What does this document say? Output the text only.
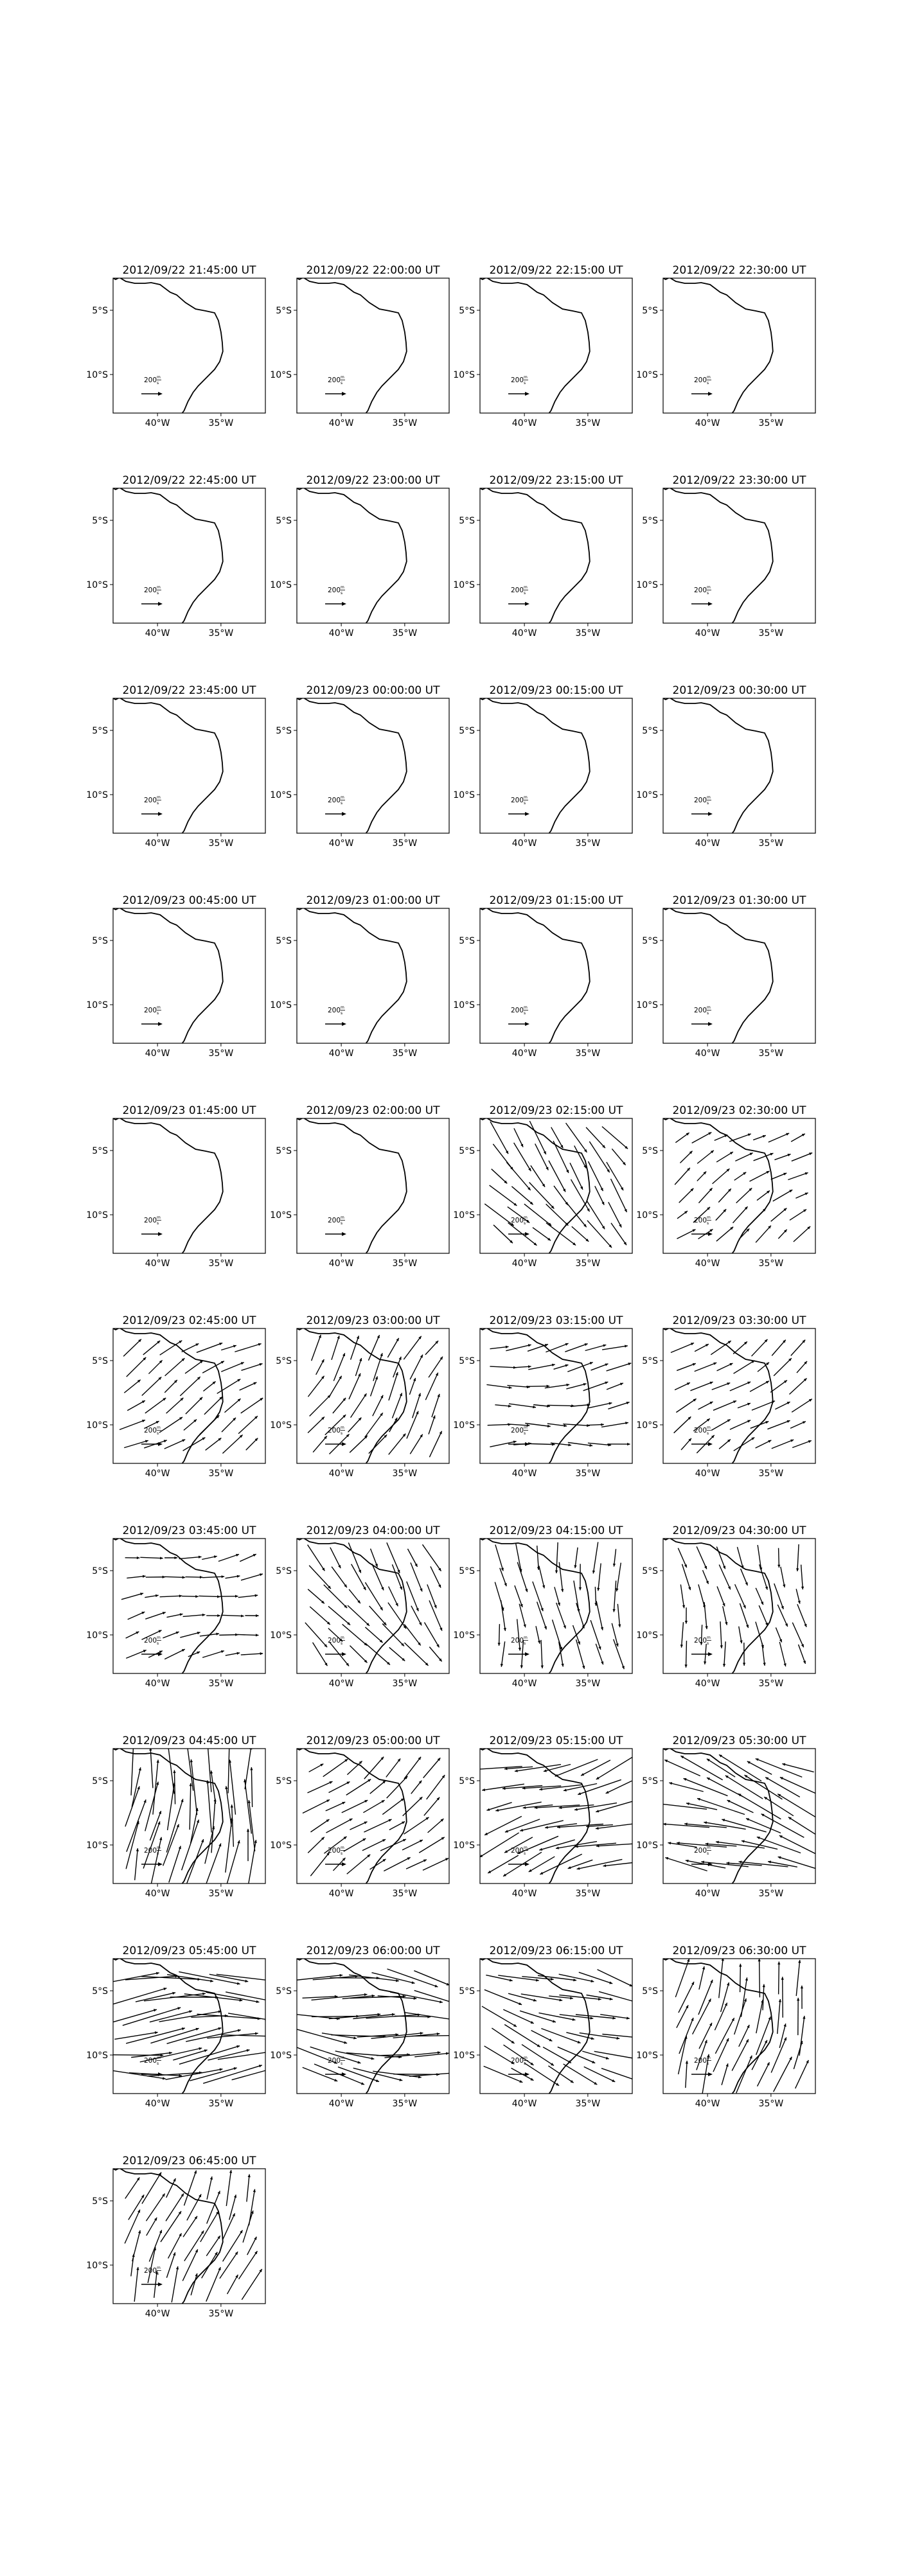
2012/09/22 21:45:00 UT
200 m
s
40°W	35°W
5°S
10°S
2012/09/22 22:00:00 UT
200 m
s
40°W	35°W
5°S
10°S
2012/09/22 22:15:00 UT
200 m
s
40°W	35°W
5°S
10°S
2012/09/22 22:30:00 UT
200 m
s
40°W	35°W
5°S
10°S
2012/09/22 22:45:00 UT
200 m
s
40°W	35°W
5°S
10°S
2012/09/22 23:00:00 UT
200 m
s
40°W	35°W
5°S
10°S
2012/09/22 23:15:00 UT
200 m
s
40°W	35°W
5°S
10°S
2012/09/22 23:30:00 UT
200 m
s
40°W	35°W
5°S
10°S
2012/09/22 23:45:00 UT
200 m
s
40°W	35°W
5°S
10°S
2012/09/23 00:00:00 UT
200 m
s
40°W	35°W
5°S
10°S
2012/09/23 00:15:00 UT
200 m
s
40°W	35°W
5°S
10°S
2012/09/23 00:30:00 UT
200 m
s
40°W	35°W
5°S
10°S
2012/09/23 00:45:00 UT
200 m
s
40°W	35°W
5°S
10°S
2012/09/23 01:00:00 UT
200 m
s
40°W	35°W
5°S
10°S
2012/09/23 01:15:00 UT
200 m
s
40°W	35°W
5°S
10°S
2012/09/23 01:30:00 UT
200 m
s
40°W	35°W
5°S
10°S
2012/09/23 01:45:00 UT
200 m
s
40°W	35°W
5°S
10°S
2012/09/23 02:00:00 UT
200 m
s
40°W	35°W
5°S
10°S
2012/09/23 02:15:00 UT
200 m
s
40°W	35°W
5°S
10°S
2012/09/23 02:30:00 UT
200 m
s
40°W	35°W
5°S
10°S
2012/09/23 02:45:00 UT
200 m
s
40°W	35°W
5°S
10°S
2012/09/23 03:00:00 UT
200 m
s
40°W	35°W
5°S
10°S
2012/09/23 03:15:00 UT
200 m
s
40°W	35°W
5°S
10°S
2012/09/23 03:30:00 UT
200 m
s
40°W	35°W
5°S
10°S
2012/09/23 03:45:00 UT
200 m
s
40°W	35°W
5°S
10°S
2012/09/23 04:00:00 UT
200 m
s
40°W	35°W
5°S
10°S
2012/09/23 04:15:00 UT
200 m
s
40°W	35°W
5°S
10°S
2012/09/23 04:30:00 UT
200 m
s
40°W	35°W
5°S
10°S
2012/09/23 04:45:00 UT
200 m
s
40°W	35°W
5°S
10°S
2012/09/23 05:00:00 UT
200 m
s
40°W	35°W
5°S
10°S
2012/09/23 05:15:00 UT
200 m
s
40°W	35°W
5°S
10°S
2012/09/23 05:30:00 UT
200 m
s
40°W	35°W
5°S
10°S
2012/09/23 05:45:00 UT
200 m
s
40°W	35°W
5°S
10°S
2012/09/23 06:00:00 UT
200 m
s
40°W	35°W
5°S
10°S
2012/09/23 06:15:00 UT
200 m
s
40°W	35°W
5°S
10°S
2012/09/23 06:30:00 UT
200 m
s
40°W	35°W
5°S
10°S
2012/09/23 06:45:00 UT
200 m
s
40°W	35°W
5°S
10°S
